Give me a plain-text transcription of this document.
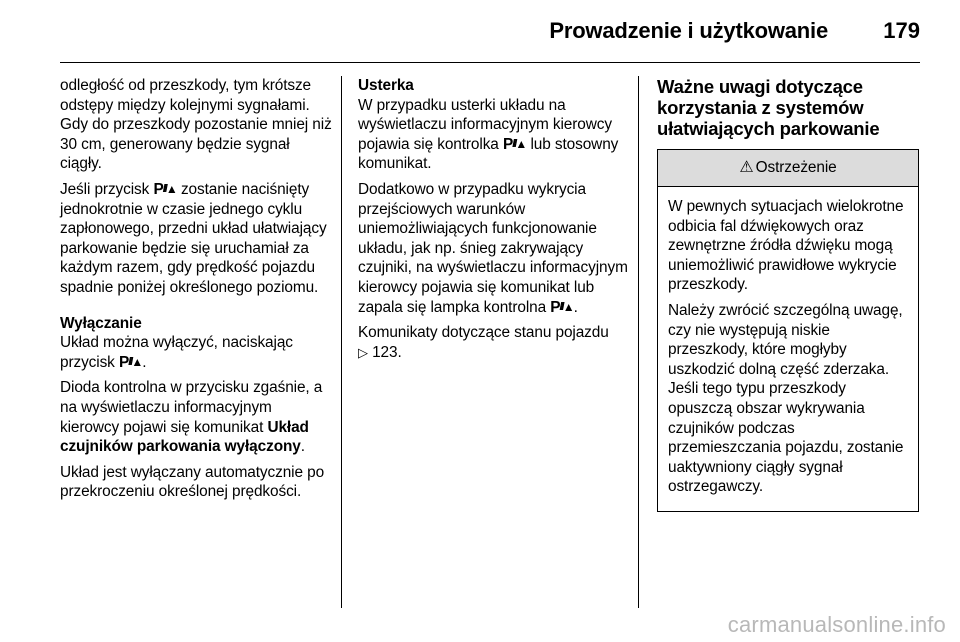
Prowadzenie i użytkowanie	179

odległość od przeszkody, tym krótsze odstępy między kolejnymi sygnałami. Gdy do przeszkody pozostanie mniej niż 30 cm, generowany będzie sygnał ciągły.

Jeśli przycisk P///▲ zostanie naciśnięty jednokrotnie w czasie jednego cyklu zapłonowego, przedni układ ułatwiający parkowanie będzie się uruchamiał za każdym razem, gdy prędkość pojazdu spadnie poniżej określonego poziomu.

Wyłączanie
Układ można wyłączyć, naciskając przycisk P///▲.

Dioda kontrolna w przycisku zgaśnie, a na wyświetlaczu informacyjnym kierowcy pojawi się komunikat Układ czujników parkowania wyłączony.

Układ jest wyłączany automatycznie po przekroczeniu określonej prędkości.

Usterka
W przypadku usterki układu na wyświetlaczu informacyjnym kierowcy pojawia się kontrolka P///▲ lub stosowny komunikat.

Dodatkowo w przypadku wykrycia przejściowych warunków uniemożliwiających funkcjonowanie układu, jak np. śnieg zakrywający czujniki, na wyświetlaczu informacyjnym kierowcy pojawia się komunikat lub zapala się lampka kontrolna P///▲.

Komunikaty dotyczące stanu pojazdu ▷ 123.

Ważne uwagi dotyczące korzystania z systemów ułatwiających parkowanie
⚠ Ostrzeżenie

W pewnych sytuacjach wielokrotne odbicia fal dźwiękowych oraz zewnętrzne źródła dźwięku mogą uniemożliwić prawidłowe wykrycie przeszkody.

Należy zwrócić szczególną uwagę, czy nie występują niskie przeszkody, które mogłyby uszkodzić dolną część zderzaka. Jeśli tego typu przeszkody opuszczą obszar wykrywania czujników podczas przemieszczania pojazdu, zostanie uaktywniony ciągły sygnał ostrzegawczy.

carmanualsonline.info
